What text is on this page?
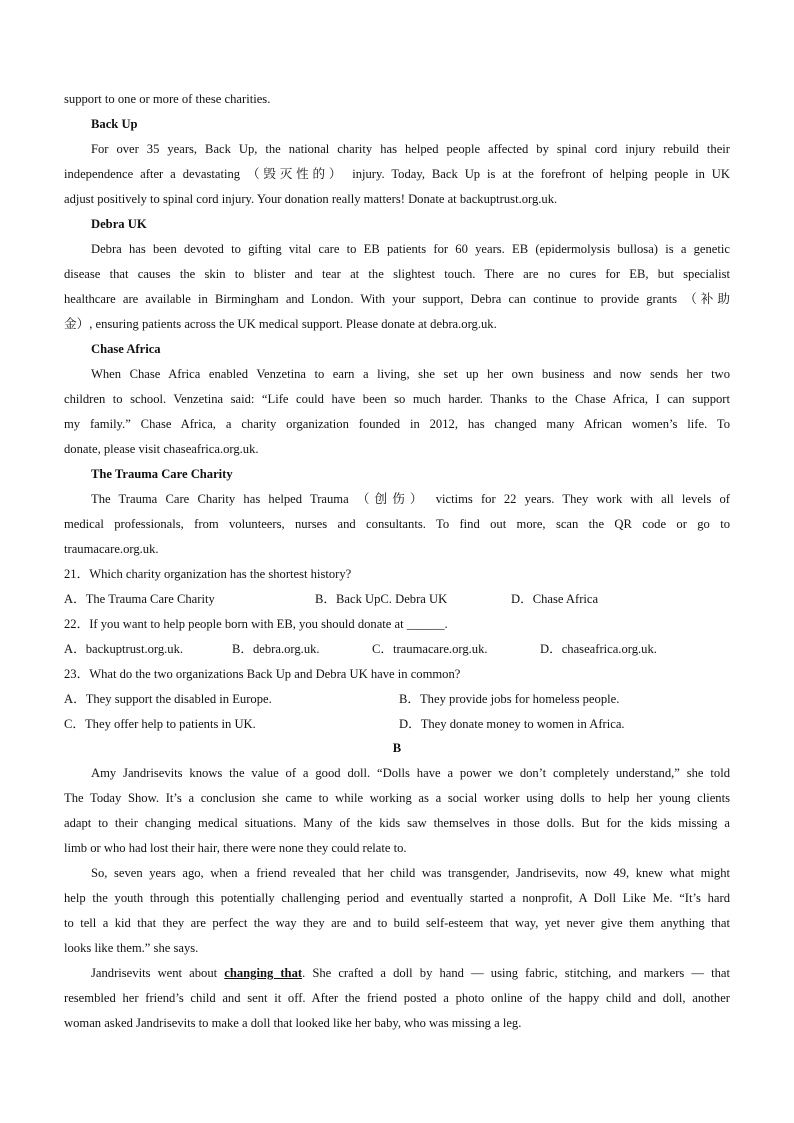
support to one or more of these charities.
Back Up
For over 35 years, Back Up, the national charity has helped people affected by spinal cord injury rebuild their
independence after a devastating （毁灭性的） injury. Today, Back Up is at the forefront of helping people in UK
adjust positively to spinal cord injury. Your donation really matters! Donate at backuptrust.org.uk.
Debra UK
Debra has been devoted to gifting vital care to EB patients for 60 years. EB (epidermolysis bullosa) is a genetic
disease that causes the skin to blister and tear at the slightest touch. There are no cures for EB, but specialist
healthcare are available in Birmingham and London. With your support, Debra can continue to provide grants （补助
金）, ensuring patients across the UK medical support. Please donate at debra.org.uk.
Chase Africa
When Chase Africa enabled Venzetina to earn a living, she set up her own business and now sends her two
children to school. Venzetina said: “Life could have been so much harder. Thanks to the Chase Africa, I can support
my family.” Chase Africa, a charity organization founded in 2012, has changed many African women’s life. To
donate, please visit chaseafrica.org.uk.
The Trauma Care Charity
The Trauma Care Charity has helped Trauma （创伤） victims for 22 years. They work with all levels of
medical professionals, from volunteers, nurses and consultants. To find out more, scan the QR code or go to
traumacare.org.uk.
21．Which charity organization has the shortest history?
A．The Trauma Care Charity	B．Back UpC. Debra UK	D．Chase Africa
22．If you want to help people born with EB, you should donate at ______.
A．backuptrust.org.uk.	B．debra.org.uk.	C．traumacare.org.uk.	D．chaseafrica.org.uk.
23．What do the two organizations Back Up and Debra UK have in common?
A．They support the disabled in Europe.	B．They provide jobs for homeless people.
C．They offer help to patients in UK.	D．They donate money to women in Africa.
B
Amy Jandrisevits knows the value of a good doll. “Dolls have a power we don’t completely understand,” she told
The Today Show. It’s a conclusion she came to while working as a social worker using dolls to help her young clients
adapt to their changing medical situations. Many of the kids saw themselves in those dolls. But for the kids missing a
limb or who had lost their hair, there were none they could relate to.
So, seven years ago, when a friend revealed that her child was transgender, Jandrisevits, now 49, knew what might
help the youth through this potentially challenging period and eventually started a nonprofit, A Doll Like Me. “It’s hard
to tell a kid that they are perfect the way they are and to build self-esteem that way, yet never give them anything that
looks like them.” she says.
Jandrisevits went about changing that. She crafted a doll by hand — using fabric, stitching, and markers — that
resembled her friend’s child and sent it off. After the friend posted a photo online of the happy child and doll, another
woman asked Jandrisevits to make a doll that looked like her baby, who was missing a leg.
